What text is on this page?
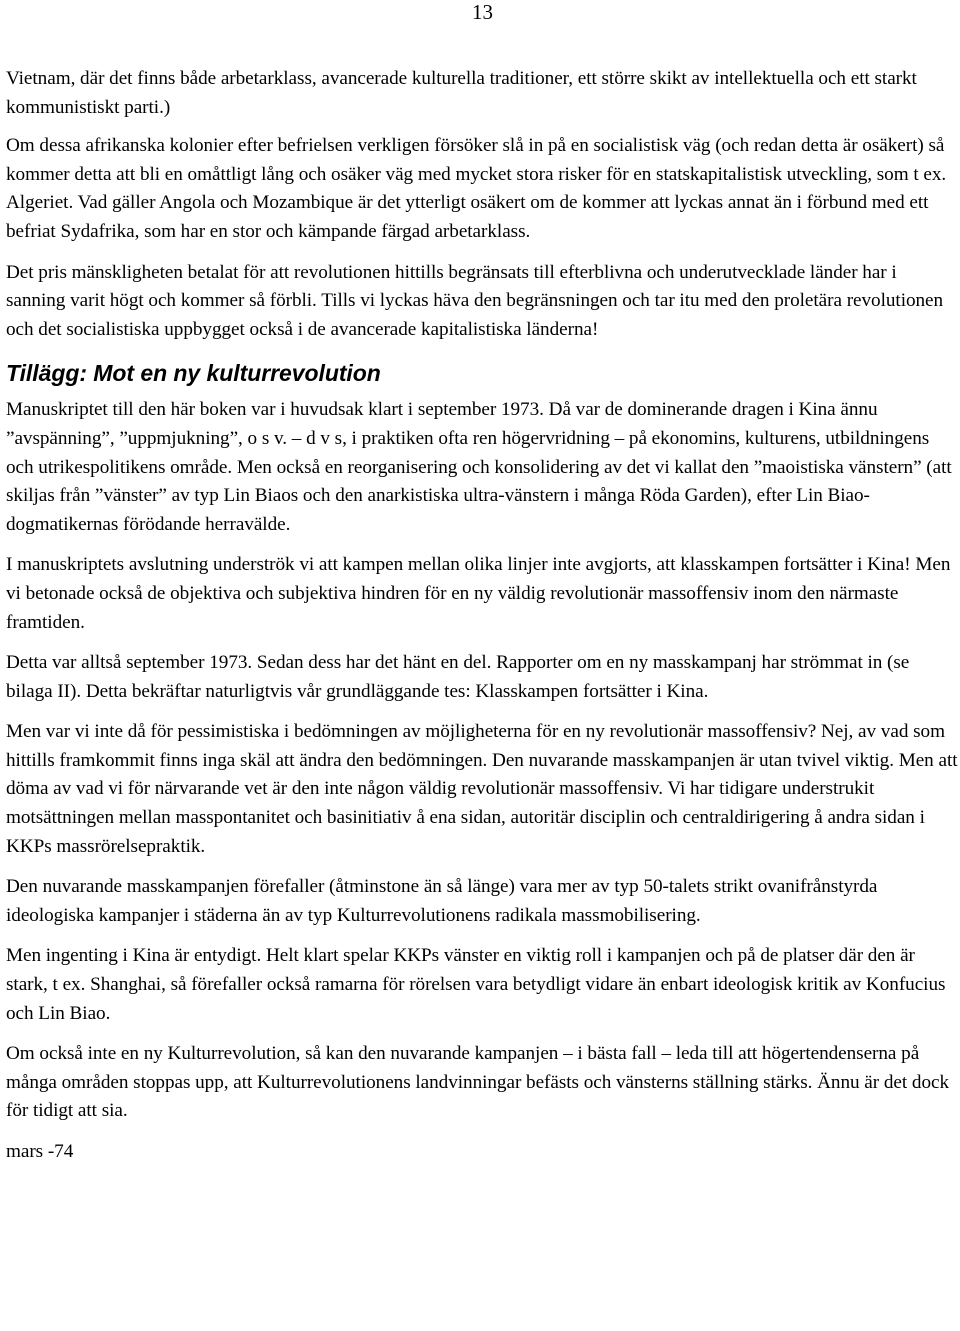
13

Vietnam, där det finns både arbetarklass, avancerade kulturella traditioner, ett större skikt av intellektuella och ett starkt kommunistiskt parti.)

Om dessa afrikanska kolonier efter befrielsen verkligen försöker slå in på en socialistisk väg (och redan detta är osäkert) så kommer detta att bli en omåttligt lång och osäker väg med mycket stora risker för en statskapitalistisk utveckling, som t ex. Algeriet. Vad gäller Angola och Mozambique är det ytterligt osäkert om de kommer att lyckas annat än i förbund med ett befriat Sydafrika, som har en stor och kämpande färgad arbetarklass.

Det pris mänskligheten betalat för att revolutionen hittills begränsats till efterblivna och underutvecklade länder har i sanning varit högt och kommer så förbli. Tills vi lyckas häva den begränsningen och tar itu med den proletära revolutionen och det socialistiska uppbygget också i de avancerade kapitalistiska länderna!

Tillägg: Mot en ny kulturrevolution

Manuskriptet till den här boken var i huvudsak klart i september 1973. Då var de dominerande dragen i Kina ännu ”avspänning”, ”uppmjukning”, o s v. – d v s, i praktiken ofta ren högervridning – på ekonomins, kulturens, utbildningens och utrikespolitikens område. Men också en reorganisering och konsolidering av det vi kallat den ”maoistiska vänstern” (att skiljas från ”vänster” av typ Lin Biaos och den anarkistiska ultra-vänstern i många Röda Garden), efter Lin Biao-dogmatikernas förödande herravälde.

I manuskriptets avslutning underströk vi att kampen mellan olika linjer inte avgjorts, att klasskampen fortsätter i Kina! Men vi betonade också de objektiva och subjektiva hindren för en ny väldig revolutionär massoffensiv inom den närmaste framtiden.

Detta var alltså september 1973. Sedan dess har det hänt en del. Rapporter om en ny masskampanj har strömmat in (se bilaga II). Detta bekräftar naturligtvis vår grundläggande tes: Klasskampen fortsätter i Kina.

Men var vi inte då för pessimistiska i bedömningen av möjligheterna för en ny revolutionär massoffensiv? Nej, av vad som hittills framkommit finns inga skäl att ändra den bedömningen. Den nuvarande masskampanjen är utan tvivel viktig. Men att döma av vad vi för närvarande vet är den inte någon väldig revolutionär massoffensiv. Vi har tidigare understrukit motsättningen mellan masspontanitet och basinitiativ å ena sidan, autoritär disciplin och centraldirigering å andra sidan i KKPs massrörelsepraktik.

Den nuvarande masskampanjen förefaller (åtminstone än så länge) vara mer av typ 50-talets strikt ovanifrånstyrda ideologiska kampanjer i städerna än av typ Kulturrevolutionens radikala massmobilisering.

Men ingenting i Kina är entydigt. Helt klart spelar KKPs vänster en viktig roll i kampanjen och på de platser där den är stark, t ex. Shanghai, så förefaller också ramarna för rörelsen vara betydligt vidare än enbart ideologisk kritik av Konfucius och Lin Biao.

Om också inte en ny Kulturrevolution, så kan den nuvarande kampanjen – i bästa fall – leda till att högertendenserna på många områden stoppas upp, att Kulturrevolutionens landvinningar befästs och vänsterns ställning stärks. Ännu är det dock för tidigt att sia.

mars -74
